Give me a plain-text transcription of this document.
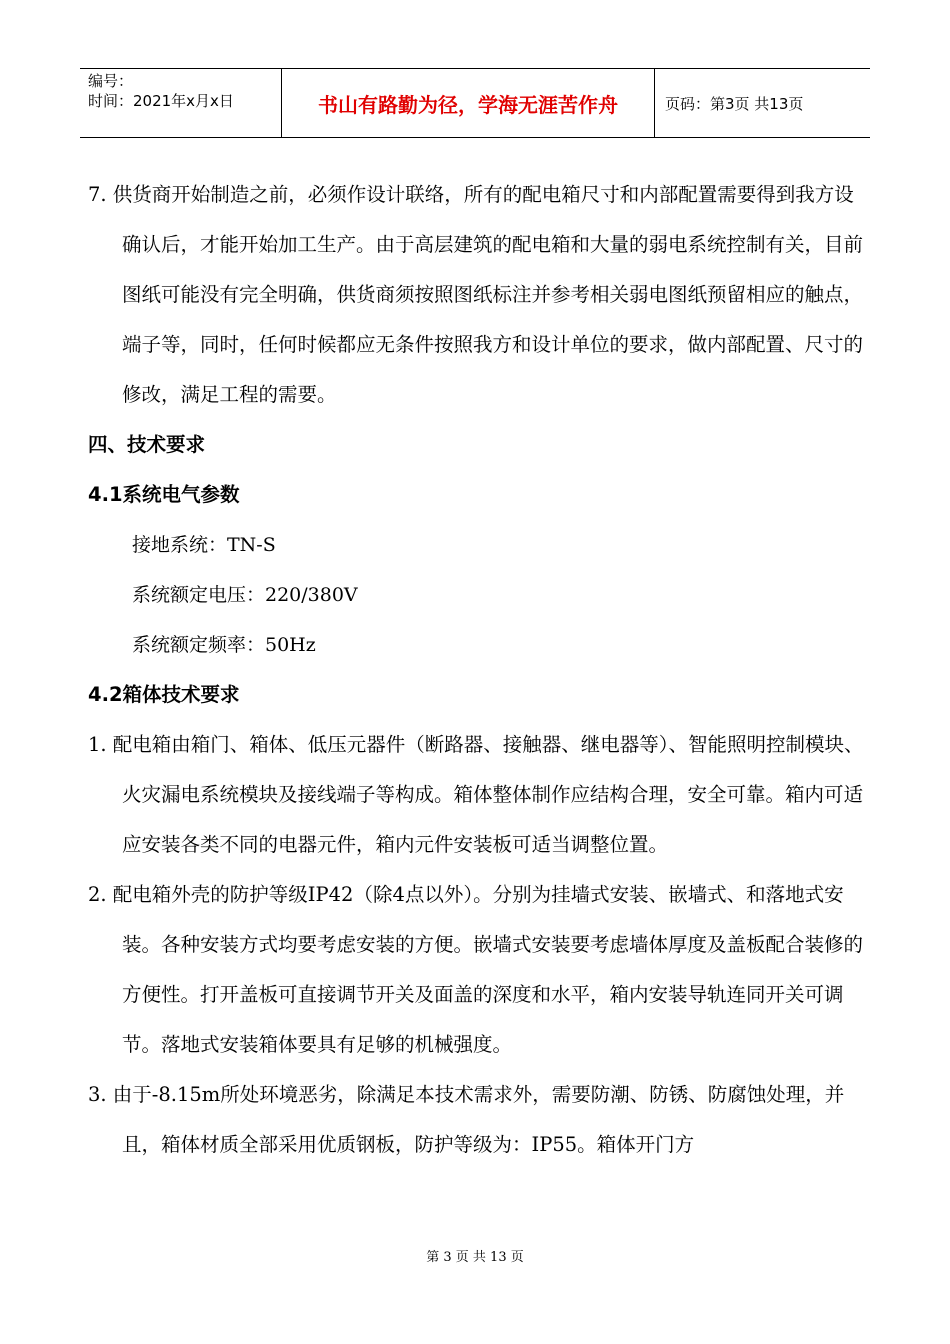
编号：
时间：2021年x月x日	书山有路勤为径，学海无涯苦作舟	页码：第3页 共13页

7. 供货商开始制造之前，必须作设计联络，所有的配电箱尺寸和内部配置需要得到我方设确认后，才能开始加工生产。由于高层建筑的配电箱和大量的弱电系统控制有关，目前图纸可能没有完全明确，供货商须按照图纸标注并参考相关弱电图纸预留相应的触点，端子等，同时，任何时候都应无条件按照我方和设计单位的要求，做内部配置、尺寸的修改，满足工程的需要。

四、技术要求

4.1系统电气参数

接地系统：TN-S

系统额定电压：220/380V

系统额定频率：50Hz

4.2箱体技术要求

1. 配电箱由箱门、箱体、低压元器件（断路器、接触器、继电器等）、智能照明控制模块、火灾漏电系统模块及接线端子等构成。箱体整体制作应结构合理，安全可靠。箱内可适应安装各类不同的电器元件，箱内元件安装板可适当调整位置。

2. 配电箱外壳的防护等级IP42（除4点以外）。分别为挂墙式安装、嵌墙式、和落地式安装。各种安装方式均要考虑安装的方便。嵌墙式安装要考虑墙体厚度及盖板配合装修的方便性。打开盖板可直接调节开关及面盖的深度和水平，箱内安装导轨连同开关可调节。落地式安装箱体要具有足够的机械强度。

3. 由于-8.15m所处环境恶劣，除满足本技术需求外，需要防潮、防锈、防腐蚀处理，并且，箱体材质全部采用优质钢板，防护等级为：IP55。箱体开门方

第 3 页 共 13 页
